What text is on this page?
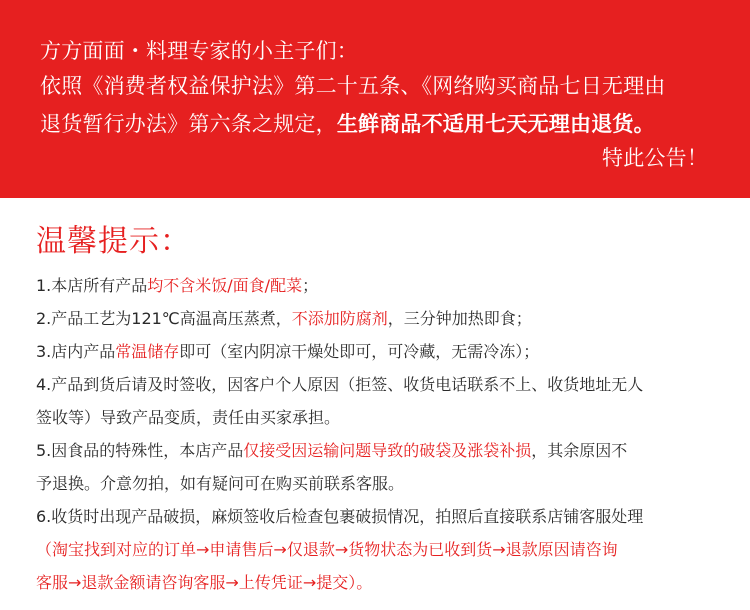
方方面面・料理专家的小主子们：
依照《消费者权益保护法》第二十五条、《网络购买商品七日无理由
退货暂行办法》第六条之规定，生鲜商品不适用七天无理由退货。
特此公告！
温馨提示：
1.本店所有产品均不含米饭/面食/配菜；
2.产品工艺为121℃高温高压蒸煮，不添加防腐剂，三分钟加热即食；
3.店内产品常温储存即可（室内阴凉干燥处即可，可冷藏，无需冷冻）；
4.产品到货后请及时签收，因客户个人原因（拒签、收货电话联系不上、收货地址无人
签收等）导致产品变质，责任由买家承担。
5.因食品的特殊性，本店产品仅接受因运输问题导致的破袋及涨袋补损，其余原因不
予退换。介意勿拍，如有疑问可在购买前联系客服。
6.收货时出现产品破损，麻烦签收后检查包裹破损情况，拍照后直接联系店铺客服处理
（淘宝找到对应的订单→申请售后→仅退款→货物状态为已收到货→退款原因请咨询
客服→退款金额请咨询客服→上传凭证→提交）。
